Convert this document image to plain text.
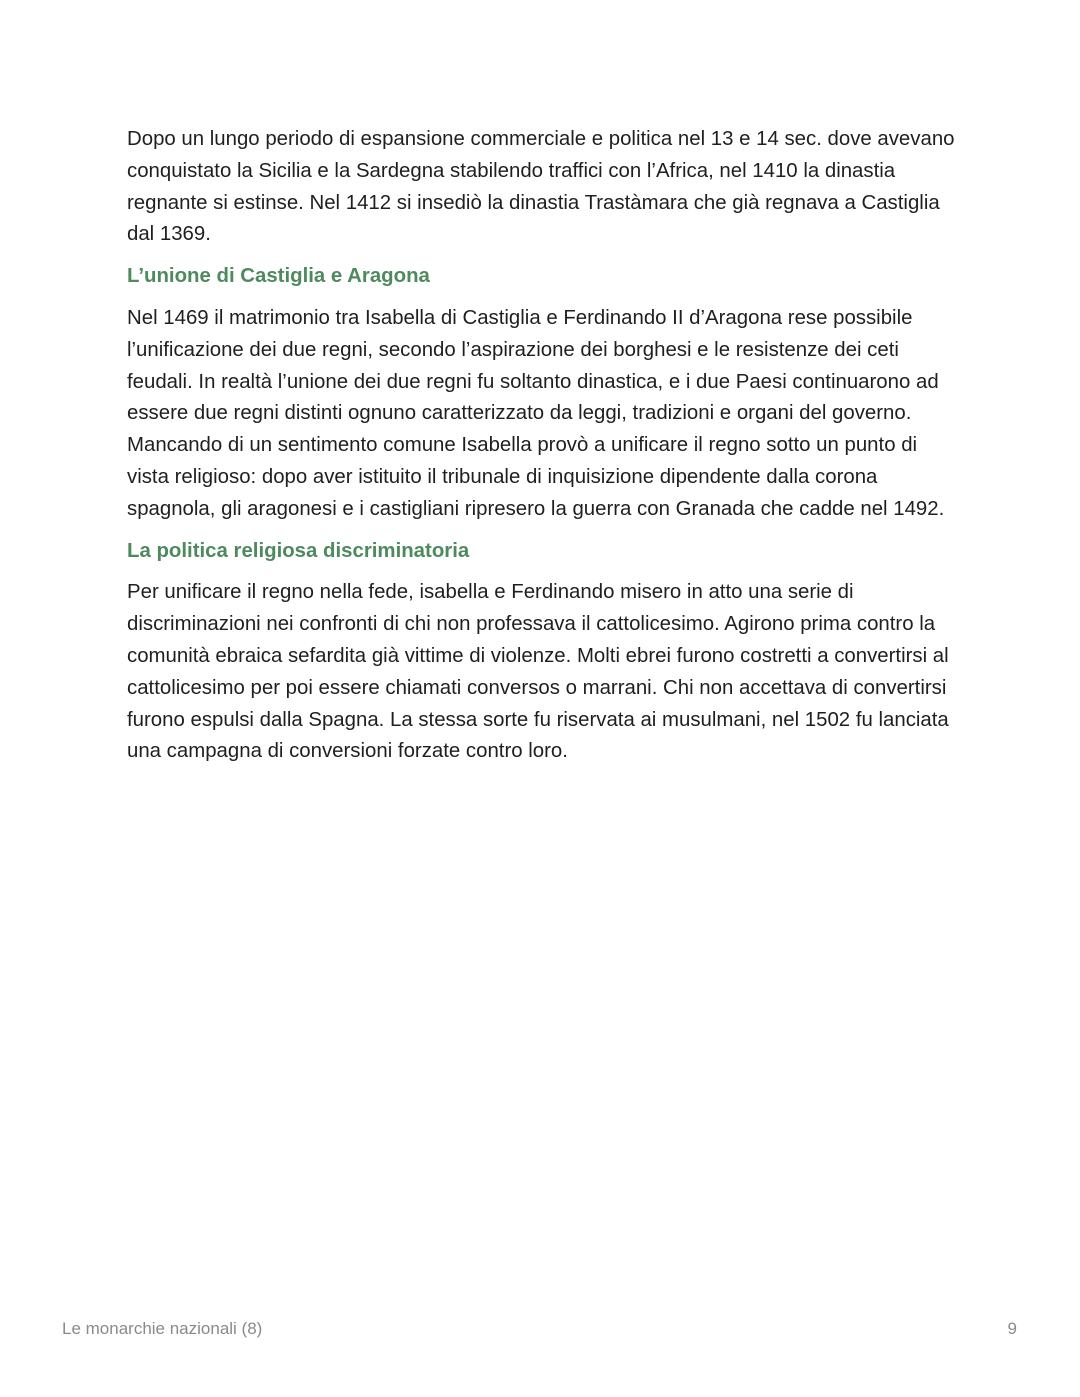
Dopo un lungo periodo di espansione commerciale e politica nel 13 e 14 sec. dove avevano conquistato la Sicilia e la Sardegna stabilendo traffici con l’Africa, nel 1410 la dinastia regnante si estinse. Nel 1412 si insediò la dinastia Trastàmara che già regnava a Castiglia dal 1369.

L’unione di Castiglia e Aragona

Nel 1469 il matrimonio tra Isabella di Castiglia e Ferdinando II d’Aragona rese possibile l’unificazione dei due regni, secondo l’aspirazione dei borghesi e le resistenze dei ceti feudali. In realtà l’unione dei due regni fu soltanto dinastica, e i due Paesi continuarono ad essere due regni distinti ognuno caratterizzato da leggi, tradizioni e organi del governo. Mancando di un sentimento comune Isabella provò a unificare il regno sotto un punto di vista religioso: dopo aver istituito il tribunale di inquisizione dipendente dalla corona spagnola, gli aragonesi e i castigliani ripresero la guerra con Granada che cadde nel 1492.

La politica religiosa discriminatoria

Per unificare il regno nella fede, isabella e Ferdinando misero in atto una serie di discriminazioni nei confronti di chi non professava il cattolicesimo. Agirono prima contro la comunità ebraica sefardita già vittime di violenze. Molti ebrei furono costretti a convertirsi al cattolicesimo per poi essere chiamati conversos o marrani. Chi non accettava di convertirsi furono espulsi dalla Spagna. La stessa sorte fu riservata ai musulmani, nel 1502 fu lanciata una campagna di conversioni forzate contro loro.

Le monarchie nazionali (8)	9
